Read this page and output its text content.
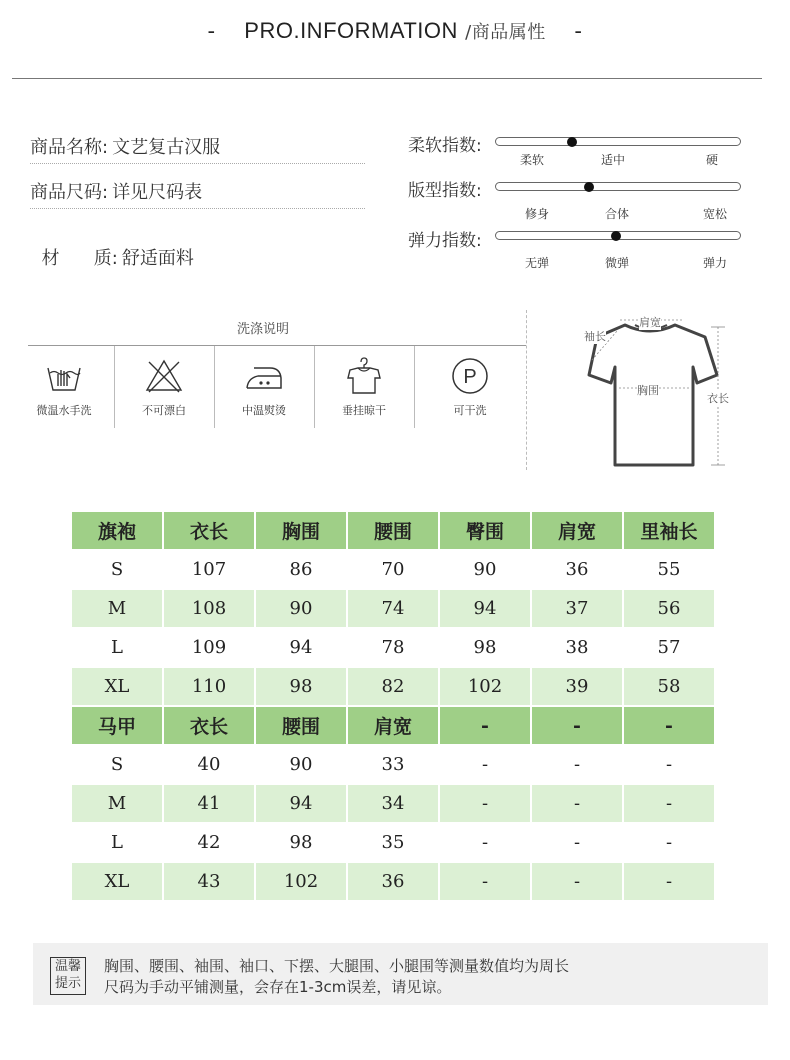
- PRO.INFORMATION /商品属性 -
商品名称: 文艺复古汉服
商品尺码: 详见尺码表

材      质: 舒适面料

柔软指数:
柔软	适中	硬
版型指数:
修身	合体	宽松
弹力指数:
无弹	微弹	弹力
洗涤说明
微温水手洗	不可漂白	中温熨烫	垂挂晾干
P
可干洗
肩宽
袖长
胸围
衣长
旗袍	衣长	胸围	腰围	臀围	肩宽	里袖长
S	107	86	70	90	36	55
M	108	90	74	94	37	56
L	109	94	78	98	38	57
XL	110	98	82	102	39	58
马甲	衣长	腰围	肩宽	-	-	-
S	40	90	33	-	-	-
M	41	94	34	-	-	-
L	42	98	35	-	-	-
XL	43	102	36	-	-	-
温馨
提示
胸围、腰围、袖围、袖口、下摆、大腿围、小腿围等测量数值均为周长
尺码为手动平铺测量，会存在1-3cm误差，请见谅。
